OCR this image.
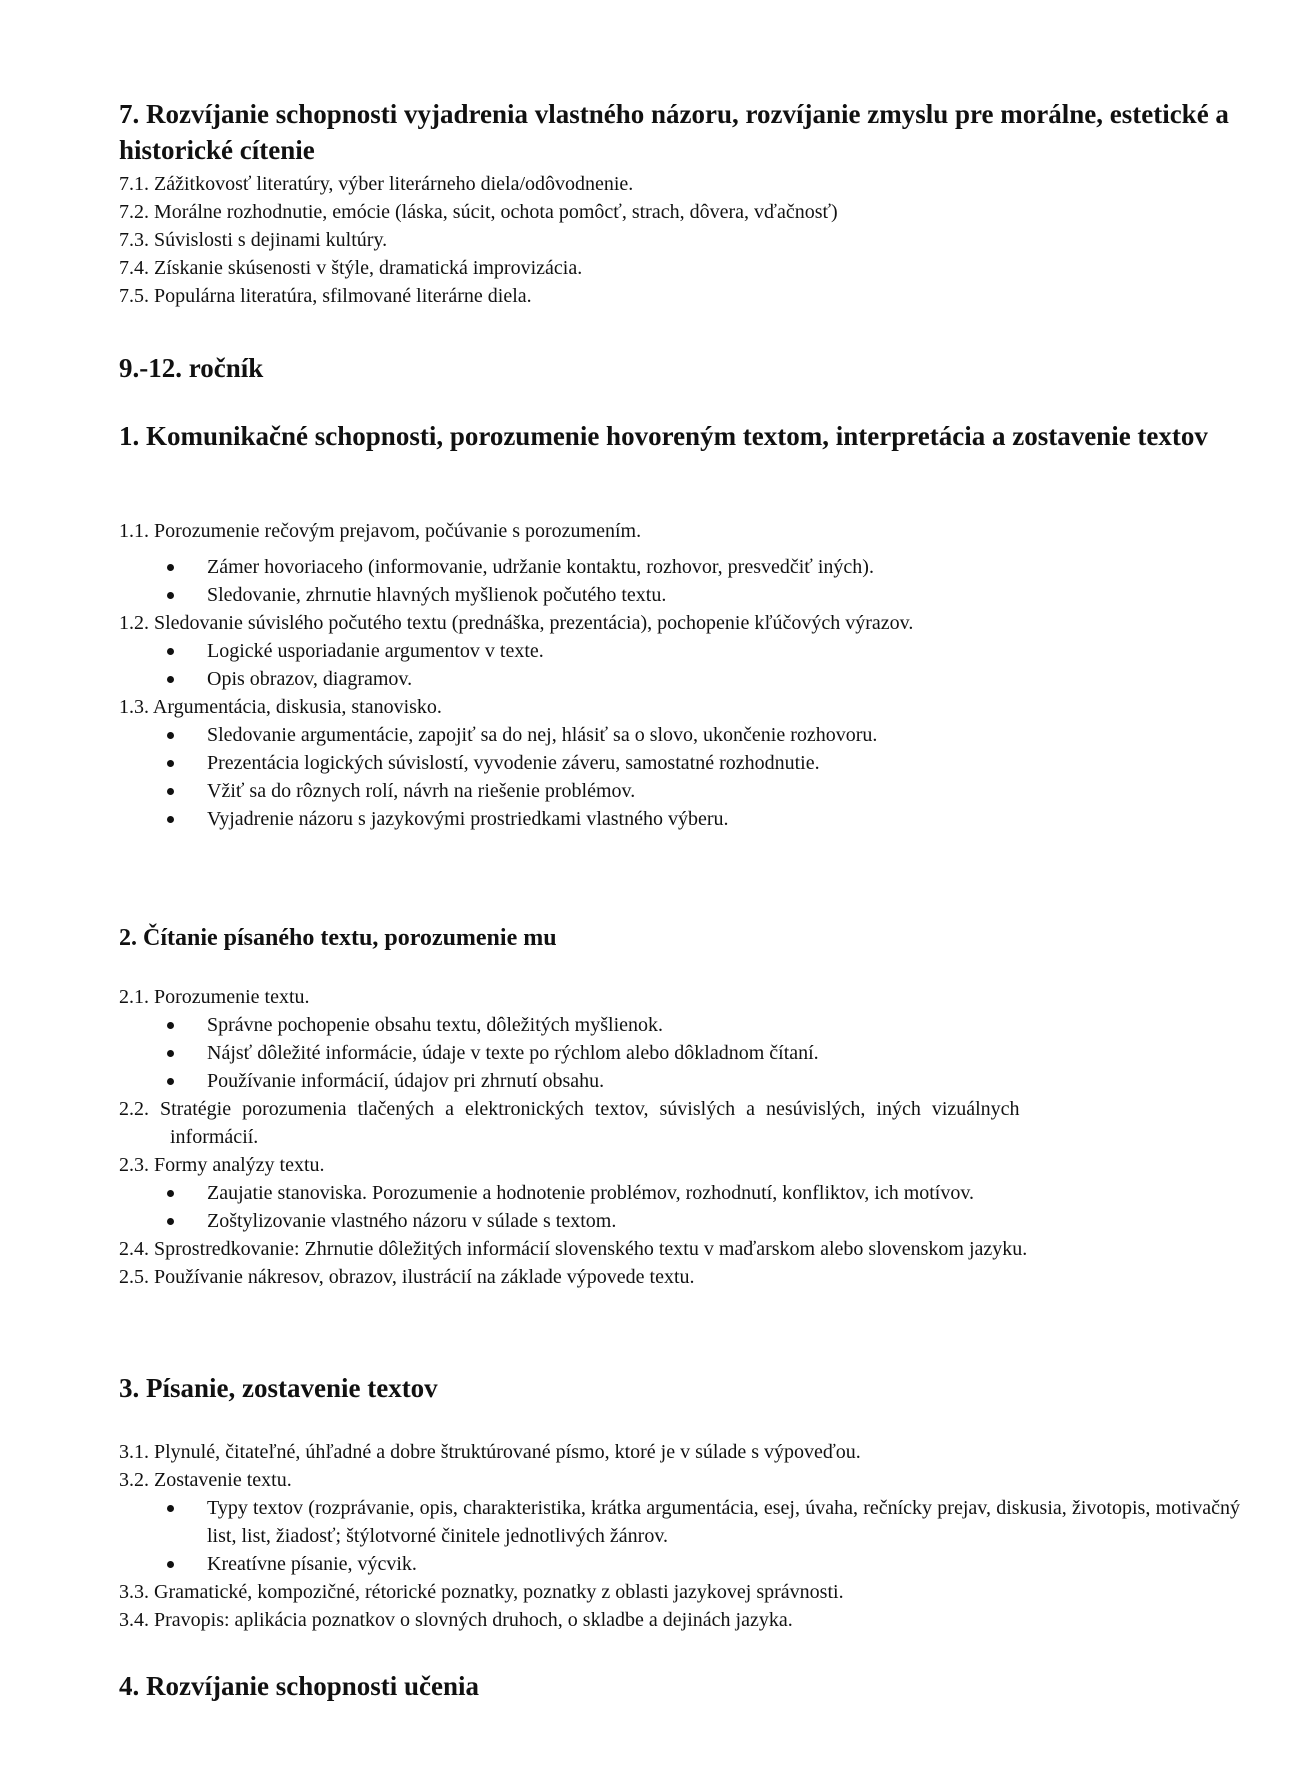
7. Rozvíjanie schopnosti vyjadrenia vlastného názoru, rozvíjanie zmyslu pre morálne, estetické a historické cítenie

7.1. Zážitkovosť literatúry, výber literárneho diela/odôvodnenie.

7.2. Morálne rozhodnutie, emócie (láska, súcit, ochota pomôcť, strach, dôvera, vďačnosť)

7.3. Súvislosti s dejinami kultúry.

7.4. Získanie skúsenosti v štýle, dramatická improvizácia.

7.5. Populárna literatúra, sfilmované literárne diela.

9.-12. ročník
1. Komunikačné schopnosti, porozumenie hovoreným textom, interpretácia a zostavenie textov

1.1. Porozumenie rečovým prejavom, počúvanie s porozumením.

Zámer hovoriaceho (informovanie, udržanie kontaktu, rozhovor, presvedčiť iných).
Sledovanie, zhrnutie hlavných myšlienok počutého textu.

1.2. Sledovanie súvislého počutého textu (prednáška, prezentácia), pochopenie kľúčových výrazov.

Logické usporiadanie argumentov v texte.
Opis obrazov, diagramov.

1.3. Argumentácia, diskusia, stanovisko.

Sledovanie argumentácie, zapojiť sa do nej, hlásiť sa o slovo, ukončenie rozhovoru.
Prezentácia logických súvislostí, vyvodenie záveru, samostatné rozhodnutie.
Vžiť sa do rôznych rolí, návrh na riešenie problémov.
Vyjadrenie názoru s jazykovými prostriedkami vlastného výberu.
2. Čítanie písaného textu, porozumenie mu

2.1. Porozumenie textu.

Správne pochopenie obsahu textu, dôležitých myšlienok.
Nájsť dôležité informácie, údaje v texte po rýchlom alebo dôkladnom čítaní.
Používanie informácií, údajov pri zhrnutí obsahu.

2.2. Stratégie porozumenia tlačených a elektronických textov, súvislých a nesúvislých, iných vizuálnych

informácií.

2.3. Formy analýzy textu.

Zaujatie stanoviska. Porozumenie a hodnotenie problémov, rozhodnutí, konfliktov, ich motívov.
Zoštylizovanie vlastného názoru v súlade s textom.

2.4. Sprostredkovanie: Zhrnutie dôležitých informácií slovenského textu v maďarskom alebo slovenskom jazyku.

2.5. Používanie nákresov, obrazov, ilustrácií na základe výpovede textu.

3. Písanie, zostavenie textov

3.1. Plynulé, čitateľné, úhľadné a dobre štruktúrované písmo, ktoré je v súlade s výpoveďou.

3.2. Zostavenie textu.

Typy textov (rozprávanie, opis, charakteristika, krátka argumentácia, esej, úvaha, rečnícky prejav, diskusia, životopis, motivačný list, list, žiadosť; štýlotvorné činitele jednotlivých žánrov.
Kreatívne písanie, výcvik.

3.3. Gramatické, kompozičné, rétorické poznatky, poznatky z oblasti jazykovej správnosti.

3.4. Pravopis: aplikácia poznatkov o slovných druhoch, o skladbe a dejinách jazyka.

4. Rozvíjanie schopnosti učenia
